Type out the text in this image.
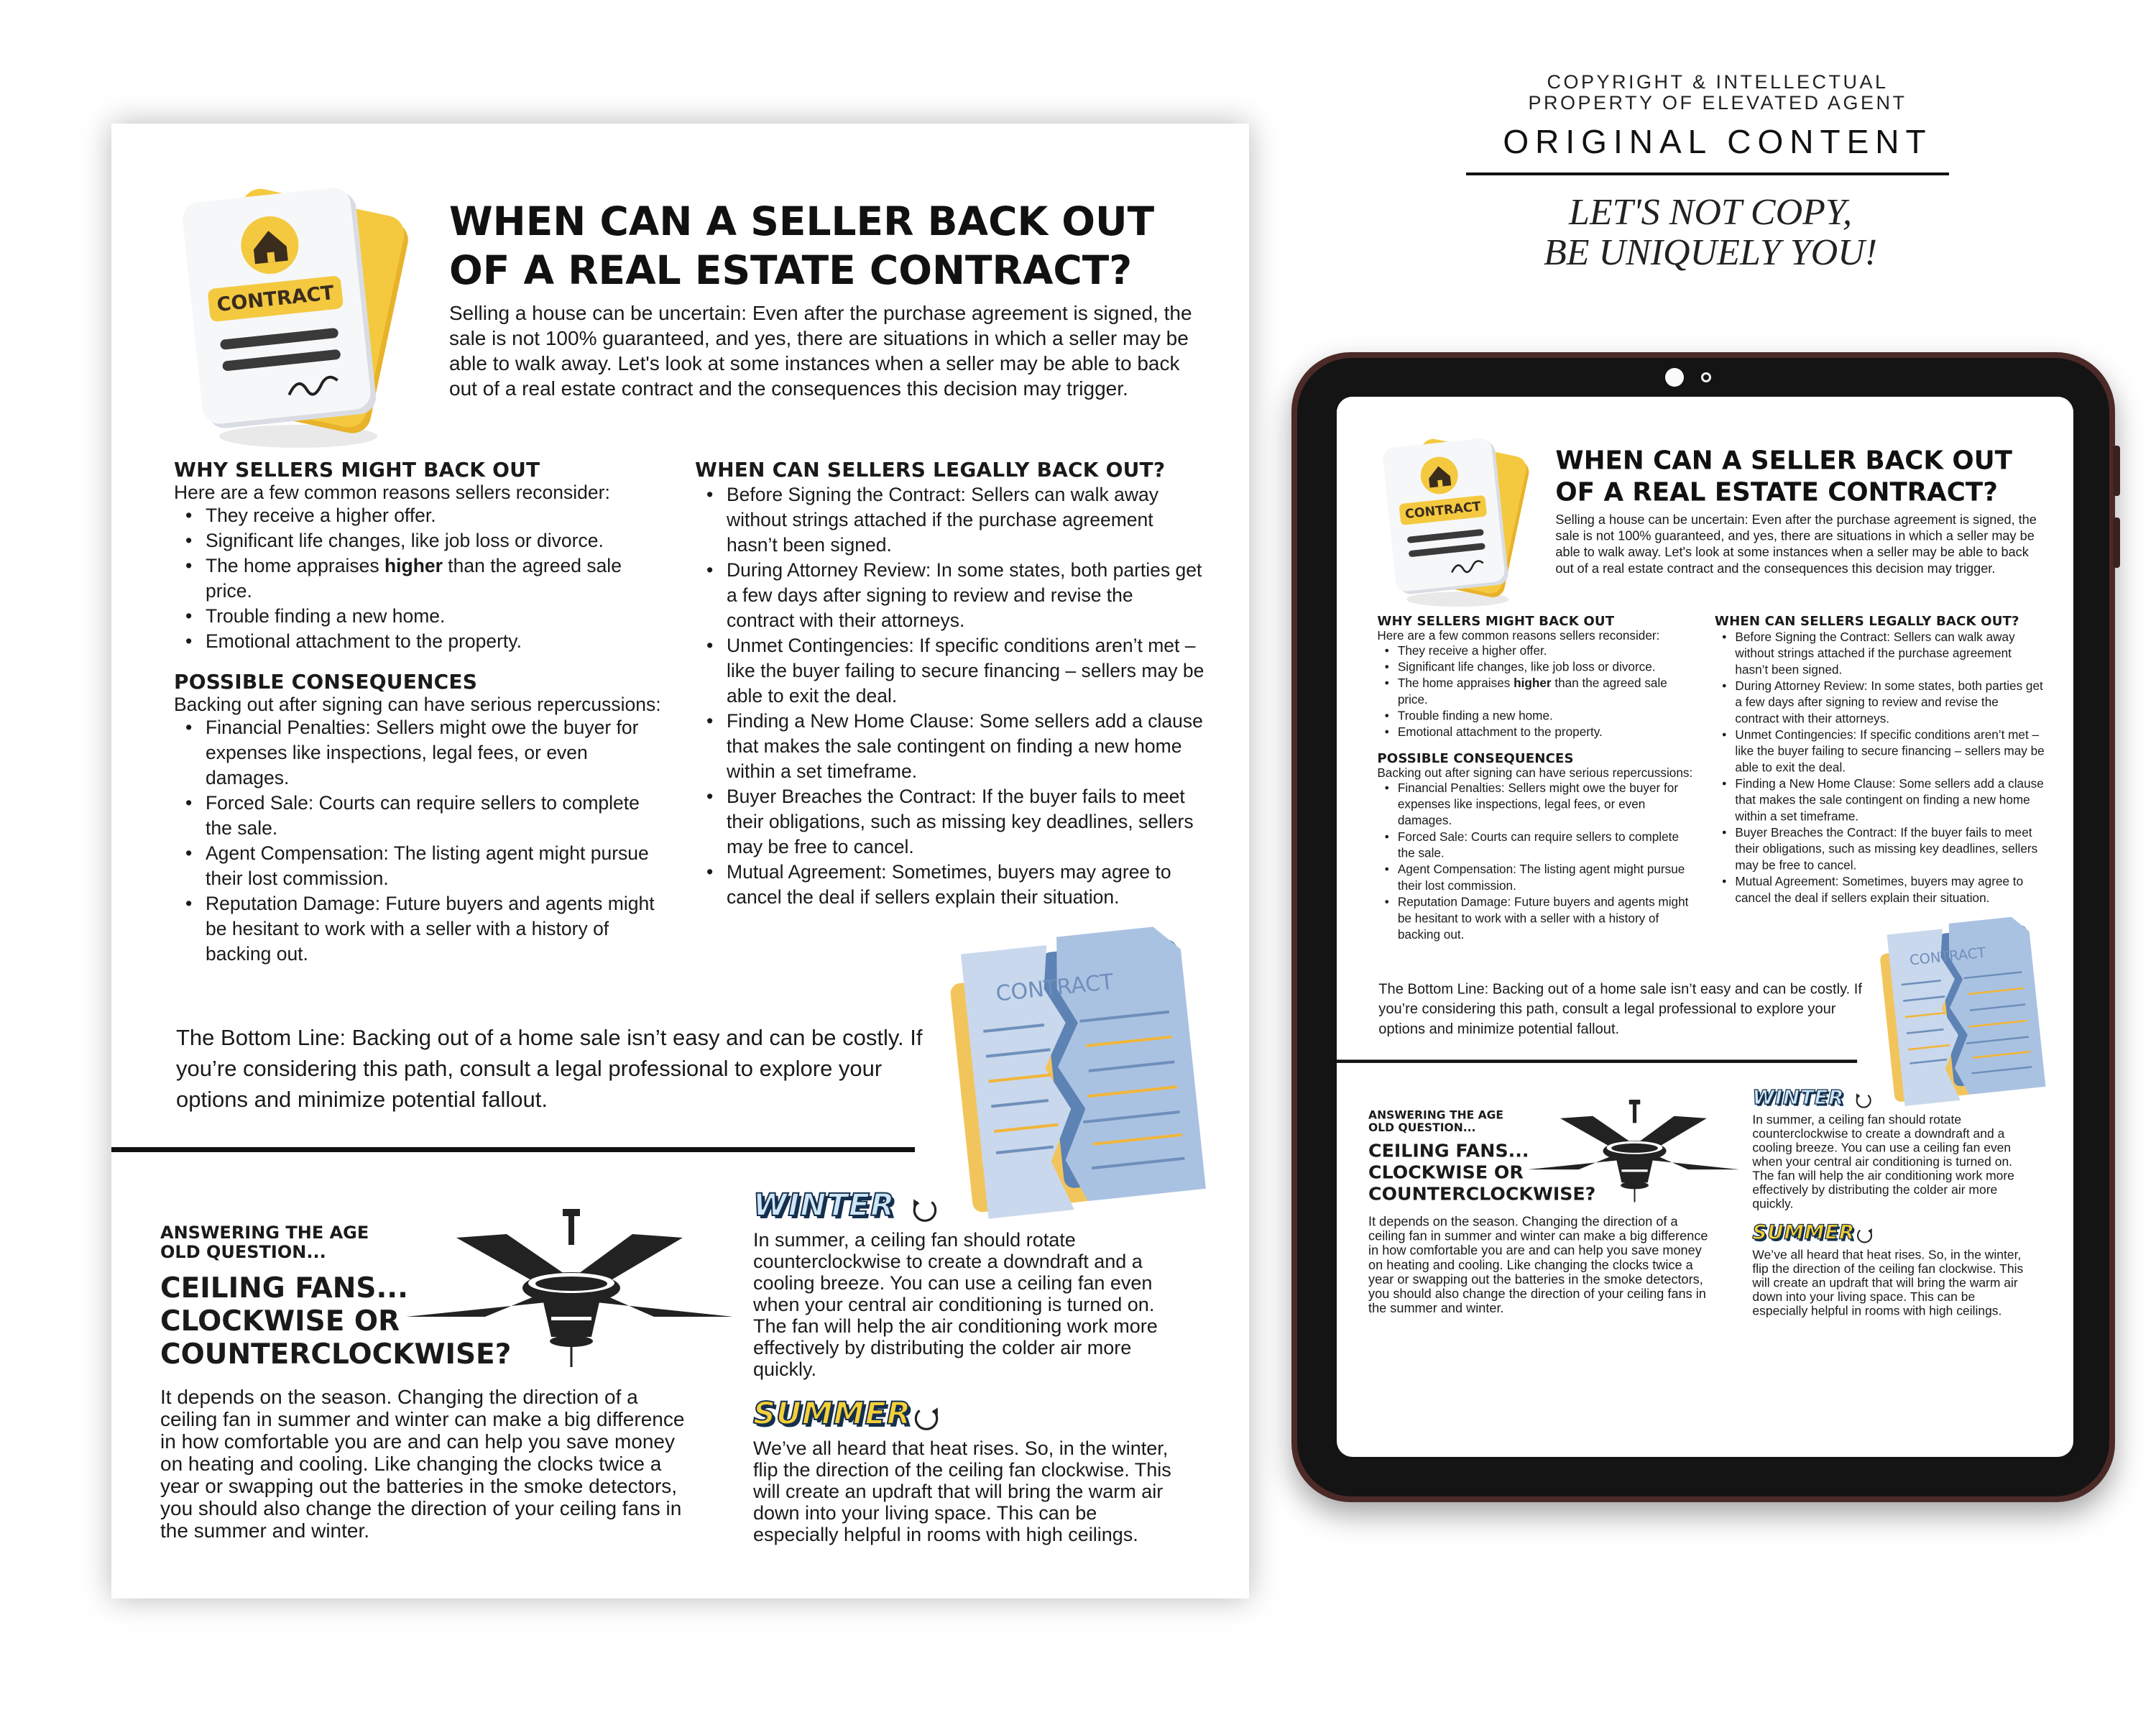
CONTRACT
WHEN CAN A SELLER BACK OUT OF A REAL ESTATE CONTRACT?
Selling a house can be uncertain: Even after the purchase agreement is signed, the sale is not 100% guaranteed, and yes, there are situations in which a seller may be able to walk away. Let's look at some instances when a seller may be able to back out of a real estate contract and the consequences this decision may trigger.
WHY SELLERS MIGHT BACK OUT
Here are a few common reasons sellers reconsider:
• They receive a higher offer.
• Significant life changes, like job loss or divorce.
• The home appraises higher than the agreed sale price.
• Trouble finding a new home.
• Emotional attachment to the property.
POSSIBLE CONSEQUENCES
Backing out after signing can have serious repercussions:
• Financial Penalties: Sellers might owe the buyer for expenses like inspections, legal fees, or even damages.
• Forced Sale: Courts can require sellers to complete the sale.
• Agent Compensation: The listing agent might pursue their lost commission.
• Reputation Damage: Future buyers and agents might be hesitant to work with a seller with a history of backing out.
WHEN CAN SELLERS LEGALLY BACK OUT?
• Before Signing the Contract: Sellers can walk away without strings attached if the purchase agreement hasn’t been signed.
• During Attorney Review: In some states, both parties get a few days after signing to review and revise the contract with their attorneys.
• Unmet Contingencies: If specific conditions aren’t met – like the buyer failing to secure financing – sellers may be able to exit the deal.
• Finding a New Home Clause: Some sellers add a clause that makes the sale contingent on finding a new home within a set timeframe.
• Buyer Breaches the Contract: If the buyer fails to meet their obligations, such as missing key deadlines, sellers may be free to cancel.
• Mutual Agreement: Sometimes, buyers may agree to cancel the deal if sellers explain their situation.
CONTRACT
The Bottom Line: Backing out of a home sale isn’t easy and can be costly. If you’re considering this path, consult a legal professional to explore your options and minimize potential fallout.
ANSWERING THE AGE OLD QUESTION...
CEILING FANS... CLOCKWISE OR COUNTERCLOCKWISE?
It depends on the season. Changing the direction of a ceiling fan in summer and winter can make a big difference in how comfortable you are and can help you save money on heating and cooling. Like changing the clocks twice a year or swapping out the batteries in the smoke detectors, you should also change the direction of your ceiling fans in the summer and winter.
WINTER
In summer, a ceiling fan should rotate counterclockwise to create a downdraft and a cooling breeze. You can use a ceiling fan even when your central air conditioning is turned on. The fan will help the air conditioning work more effectively by distributing the colder air more quickly.
SUMMER
We’ve all heard that heat rises. So, in the winter, flip the direction of the ceiling fan clockwise. This will create an updraft that will bring the warm air down into your living space. This can be especially helpful in rooms with high ceilings.
COPYRIGHT & INTELLECTUAL
PROPERTY OF ELEVATED AGENT
ORIGINAL CONTENT
LET'S NOT COPY,
BE UNIQUELY YOU!
CONTRACT
WHEN CAN A SELLER BACK OUT OF A REAL ESTATE CONTRACT?
Selling a house can be uncertain: Even after the purchase agreement is signed, the sale is not 100% guaranteed, and yes, there are situations in which a seller may be able to walk away. Let's look at some instances when a seller may be able to back out of a real estate contract and the consequences this decision may trigger.
WHY SELLERS MIGHT BACK OUT
Here are a few common reasons sellers reconsider:
• They receive a higher offer.
• Significant life changes, like job loss or divorce.
• The home appraises higher than the agreed sale price.
• Trouble finding a new home.
• Emotional attachment to the property.
POSSIBLE CONSEQUENCES
Backing out after signing can have serious repercussions:
• Financial Penalties: Sellers might owe the buyer for expenses like inspections, legal fees, or even damages.
• Forced Sale: Courts can require sellers to complete the sale.
• Agent Compensation: The listing agent might pursue their lost commission.
• Reputation Damage: Future buyers and agents might be hesitant to work with a seller with a history of backing out.
WHEN CAN SELLERS LEGALLY BACK OUT?
• Before Signing the Contract: Sellers can walk away without strings attached if the purchase agreement hasn’t been signed.
• During Attorney Review: In some states, both parties get a few days after signing to review and revise the contract with their attorneys.
• Unmet Contingencies: If specific conditions aren’t met – like the buyer failing to secure financing – sellers may be able to exit the deal.
• Finding a New Home Clause: Some sellers add a clause that makes the sale contingent on finding a new home within a set timeframe.
• Buyer Breaches the Contract: If the buyer fails to meet their obligations, such as missing key deadlines, sellers may be free to cancel.
• Mutual Agreement: Sometimes, buyers may agree to cancel the deal if sellers explain their situation.
CONTRACT
The Bottom Line: Backing out of a home sale isn’t easy and can be costly. If you’re considering this path, consult a legal professional to explore your options and minimize potential fallout.
ANSWERING THE AGE OLD QUESTION...
CEILING FANS... CLOCKWISE OR COUNTERCLOCKWISE?
It depends on the season. Changing the direction of a ceiling fan in summer and winter can make a big difference in how comfortable you are and can help you save money on heating and cooling. Like changing the clocks twice a year or swapping out the batteries in the smoke detectors, you should also change the direction of your ceiling fans in the summer and winter.
WINTER
In summer, a ceiling fan should rotate counterclockwise to create a downdraft and a cooling breeze. You can use a ceiling fan even when your central air conditioning is turned on. The fan will help the air conditioning work more effectively by distributing the colder air more quickly.
SUMMER
We’ve all heard that heat rises. So, in the winter, flip the direction of the ceiling fan clockwise. This will create an updraft that will bring the warm air down into your living space. This can be especially helpful in rooms with high ceilings.
